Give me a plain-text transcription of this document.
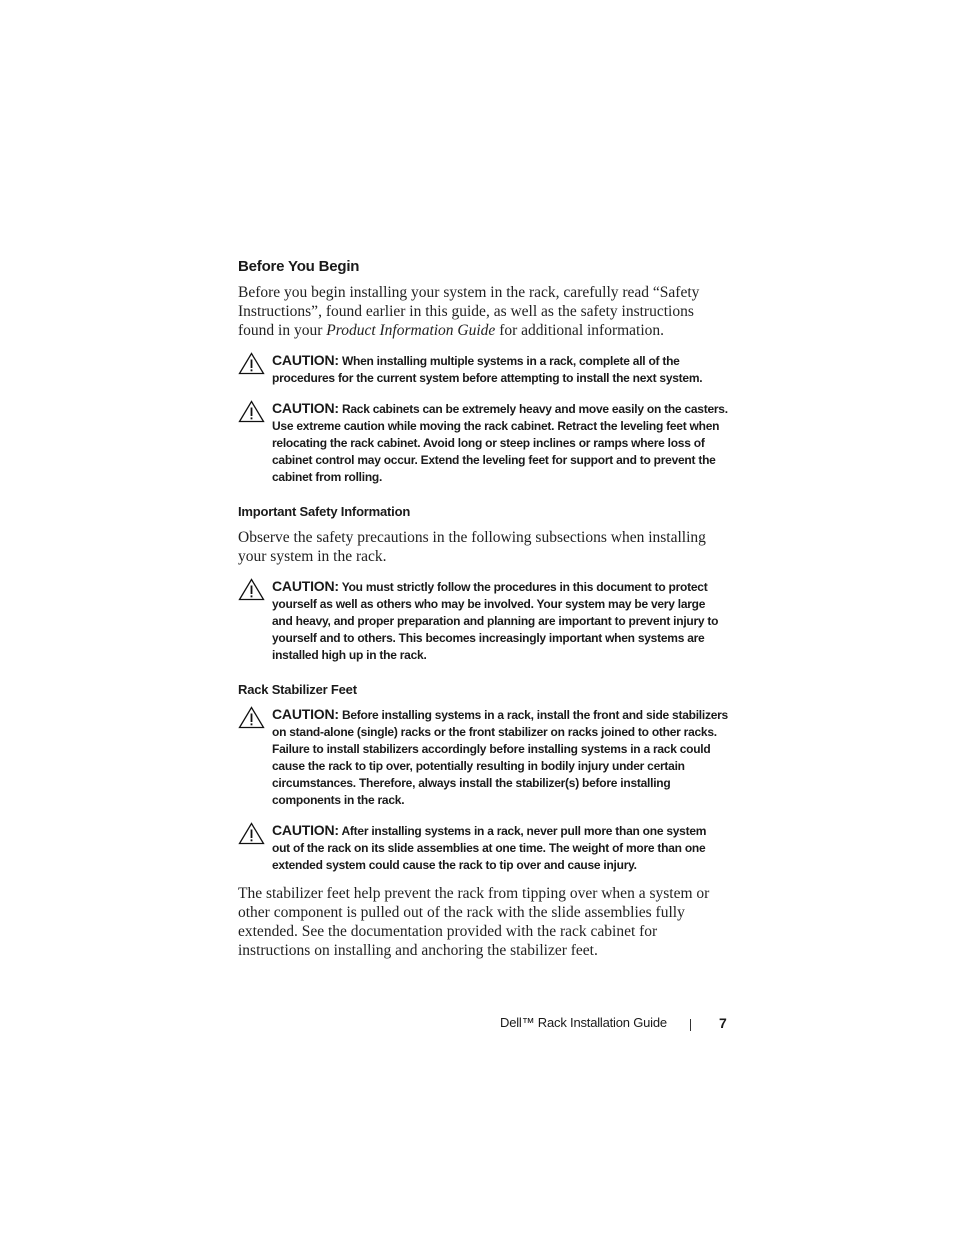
Before You Begin

Before you begin installing your system in the rack, carefully read “Safety Instructions”, found earlier in this guide, as well as the safety instructions found in your Product Information Guide for additional information.

CAUTION: When installing multiple systems in a rack, complete all of the procedures for the current system before attempting to install the next system.
CAUTION: Rack cabinets can be extremely heavy and move easily on the casters. Use extreme caution while moving the rack cabinet. Retract the leveling feet when relocating the rack cabinet. Avoid long or steep inclines or ramps where loss of cabinet control may occur. Extend the leveling feet for support and to prevent the cabinet from rolling.
Important Safety Information

Observe the safety precautions in the following subsections when installing your system in the rack.

CAUTION: You must strictly follow the procedures in this document to protect yourself as well as others who may be involved. Your system may be very large and heavy, and proper preparation and planning are important to prevent injury to yourself and to others. This becomes increasingly important when systems are installed high up in the rack.
Rack Stabilizer Feet
CAUTION: Before installing systems in a rack, install the front and side stabilizers on stand-alone (single) racks or the front stabilizer on racks joined to other racks. Failure to install stabilizers accordingly before installing systems in a rack could cause the rack to tip over, potentially resulting in bodily injury under certain circumstances. Therefore, always install the stabilizer(s) before installing components in the rack.
CAUTION: After installing systems in a rack, never pull more than one system out of the rack on its slide assemblies at one time. The weight of more than one extended system could cause the rack to tip over and cause injury.

The stabilizer feet help prevent the rack from tipping over when a system or other component is pulled out of the rack with the slide assemblies fully extended. See the documentation provided with the rack cabinet for instructions on installing and anchoring the stabilizer feet.

Dell™ Rack Installation Guide	7
